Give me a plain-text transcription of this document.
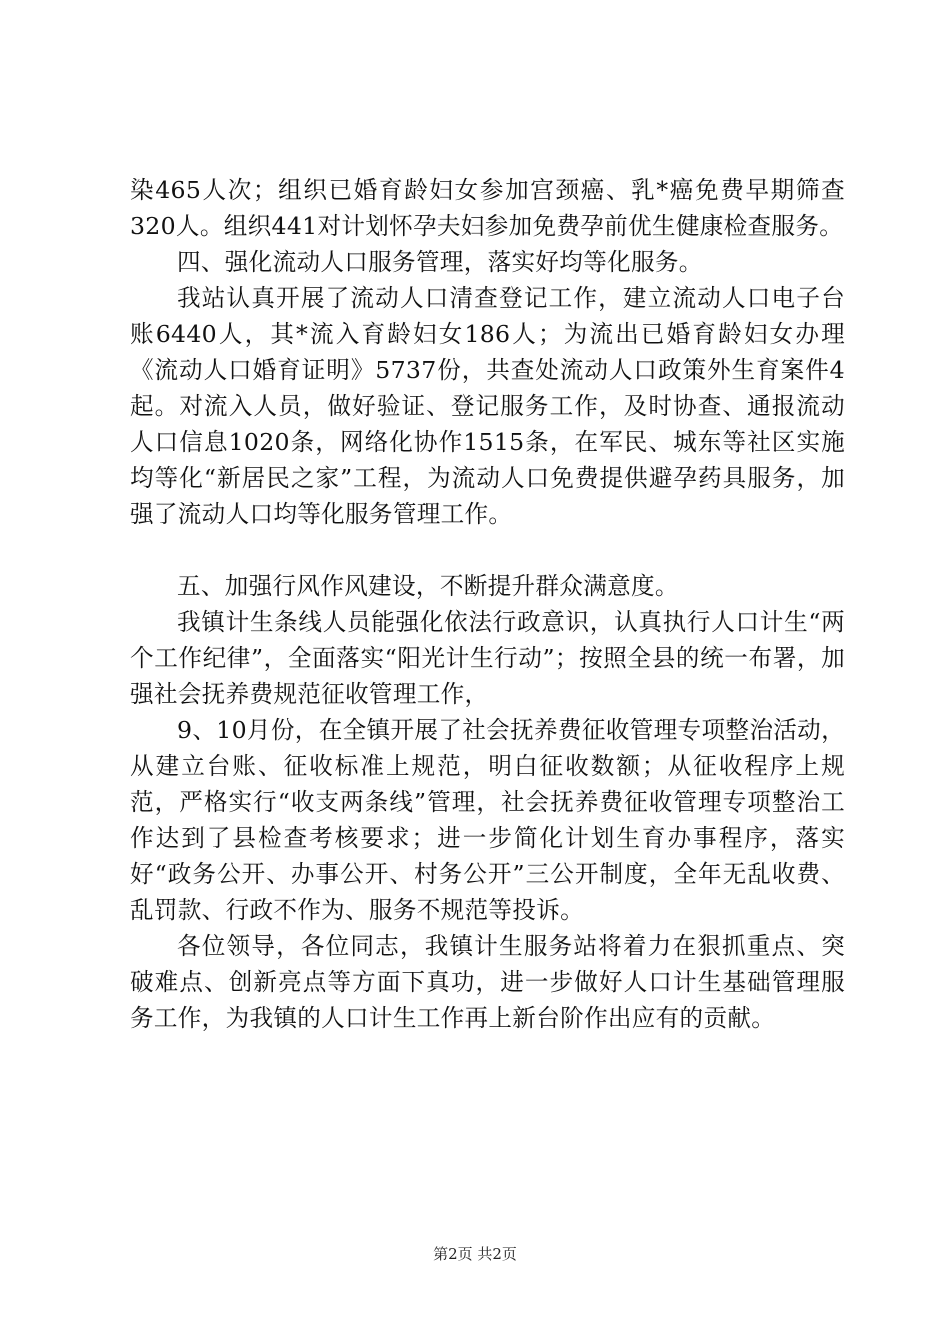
染465人次；组织已婚育龄妇女参加宫颈癌、乳*癌免费早期筛查320人。组织441对计划怀孕夫妇参加免费孕前优生健康检查服务。

四、强化流动人口服务管理，落实好均等化服务。

我站认真开展了流动人口清查登记工作，建立流动人口电子台账6440人，其*流入育龄妇女186人；为流出已婚育龄妇女办理《流动人口婚育证明》5737份，共查处流动人口政策外生育案件4起。对流入人员，做好验证、登记服务工作，及时协查、通报流动人口信息1020条，网络化协作1515条，在军民、城东等社区实施均等化“新居民之家”工程，为流动人口免费提供避孕药具服务，加强了流动人口均等化服务管理工作。

五、加强行风作风建设，不断提升群众满意度。

我镇计生条线人员能强化依法行政意识，认真执行人口计生“两个工作纪律”，全面落实“阳光计生行动”；按照全县的统一布署，加强社会抚养费规范征收管理工作，

9、10月份，在全镇开展了社会抚养费征收管理专项整治活动，从建立台账、征收标准上规范，明白征收数额；从征收程序上规范，严格实行“收支两条线”管理，社会抚养费征收管理专项整治工作达到了县检查考核要求；进一步简化计划生育办事程序，落实好“政务公开、办事公开、村务公开”三公开制度，全年无乱收费、乱罚款、行政不作为、服务不规范等投诉。

各位领导，各位同志，我镇计生服务站将着力在狠抓重点、突破难点、创新亮点等方面下真功，进一步做好人口计生基础管理服务工作，为我镇的人口计生工作再上新台阶作出应有的贡献。

第2页 共2页
